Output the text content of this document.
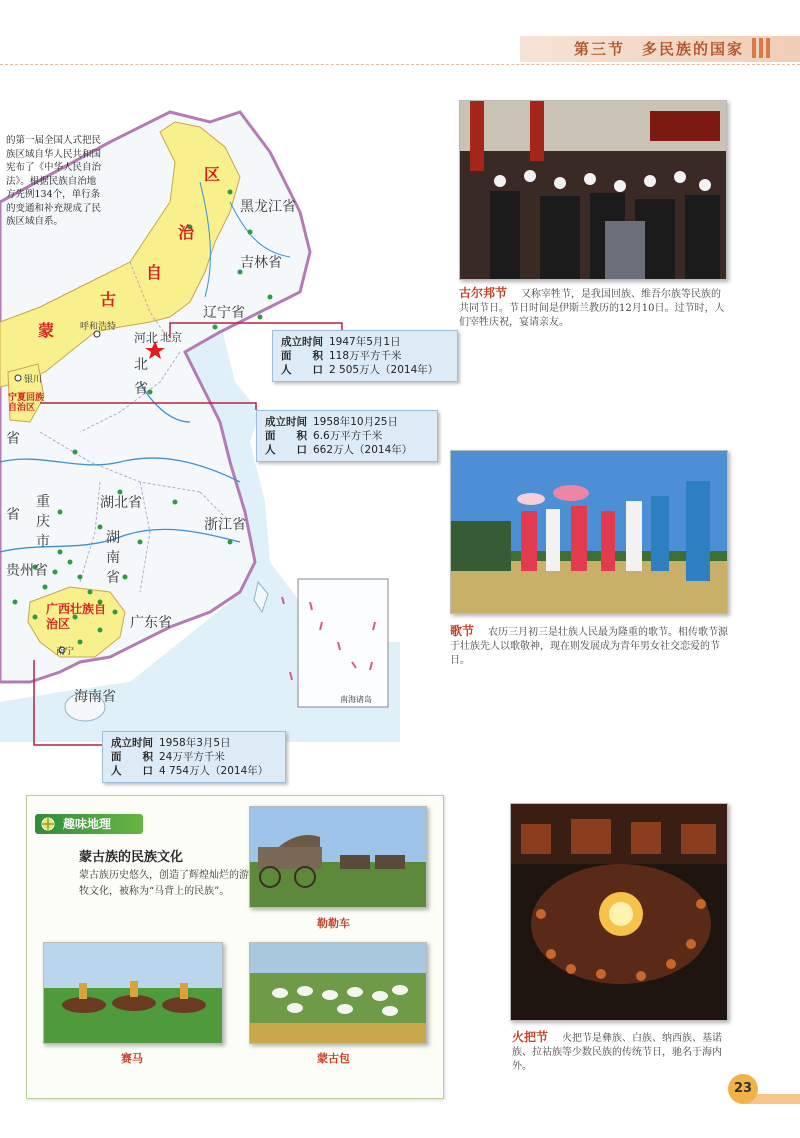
第三节　多民族的国家
黑龙江省
吉林省
辽宁省
河北 北京
北
省
呼和浩特
银川
宁夏回族自治区
区
治
自
古
蒙
省
湖北省
重庆市
省
浙江省
湖南省
贵州省
广西壮族自治区	广东省
南宁
海南省	南海诸岛
的第一届全国人式把民族区域自华人民共和国宪布了《中华人民自治法》。根据民族自治地方先例134个，单行条的变通和补充规成了民族区域自系。
成立时间 1947年5月1日
面　　积 118万平方千米
人　　口 2 505万人（2014年）
成立时间 1958年10月25日
面　　积 6.6万平方千米
人　　口 662万人（2014年）
成立时间 1958年3月5日
面　　积 24万平方千米
人　　口 4 754万人（2014年）
古尔邦节 又称宰牲节，是我国回族、维吾尔族等民族的共同节日。节日时间是伊斯兰教历的12月10日。过节时，人们宰牲庆祝，宴请亲友。
歌节 农历三月初三是壮族人民最为隆重的歌节。相传歌节源于壮族先人以歌敬神，现在则发展成为青年男女社交恋爱的节日。
火把节 火把节是彝族、白族、纳西族、基诺族、拉祜族等少数民族的传统节日，驰名于海内外。
趣味地理
蒙古族的民族文化
蒙古族历史悠久，创造了辉煌灿烂的游牧文化，被称为“马背上的民族”。
勒勒车
赛马	蒙古包
23
